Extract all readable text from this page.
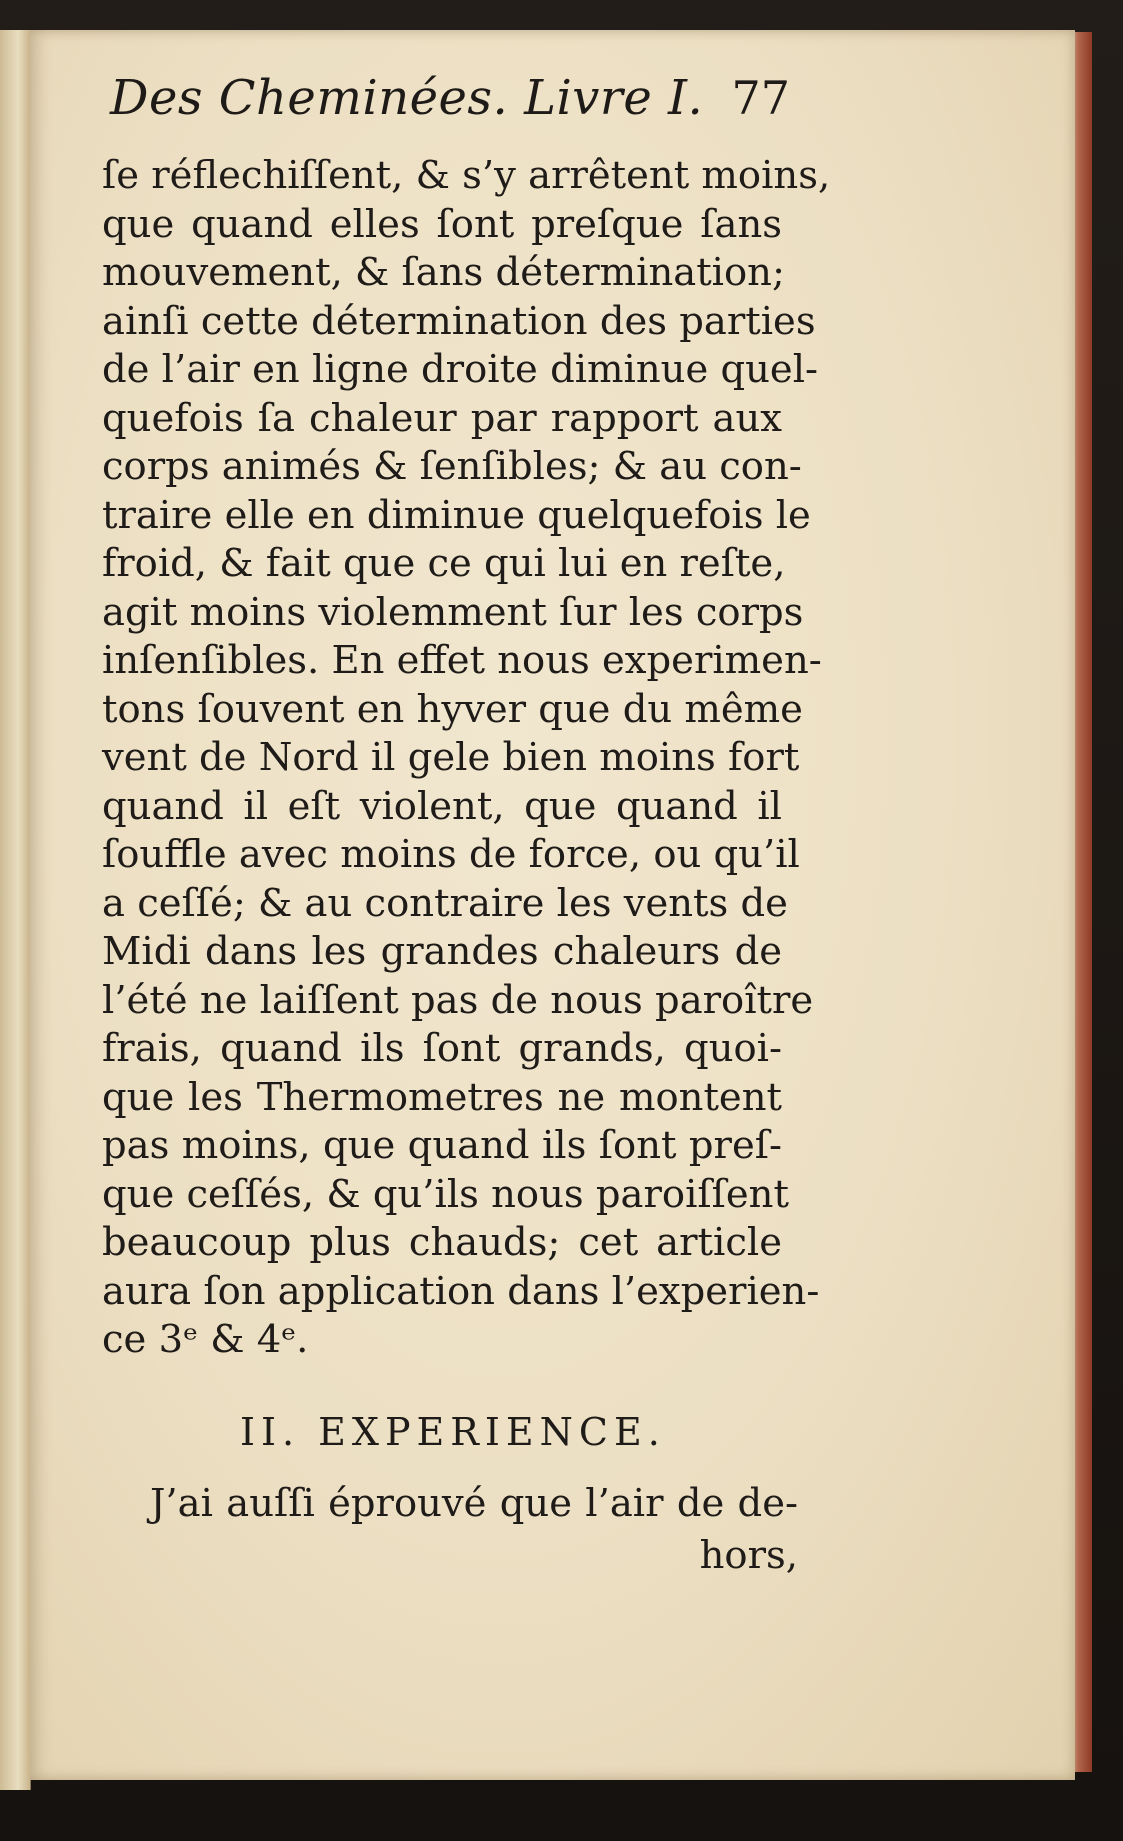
Des Cheminées. Livre I. 77
ſe réflechiſſent, & s’y arrêtent moins,
que quand elles ſont preſque ſans
mouvement, & ſans détermination;
ainſi cette détermination des parties
de l’air en ligne droite diminue quel-
quefois ſa chaleur par rapport aux
corps animés & ſenſibles; & au con-
traire elle en diminue quelquefois le
froid, & fait que ce qui lui en reſte,
agit moins violemment ſur les corps
inſenſibles. En effet nous experimen-
tons ſouvent en hyver que du même
vent de Nord il gele bien moins fort
quand il eſt violent, que quand il
ſouffle avec moins de force, ou qu’il
a ceſſé; & au contraire les vents de
Midi dans les grandes chaleurs de
l’été ne laiſſent pas de nous paroître
frais, quand ils ſont grands, quoi-
que les Thermometres ne montent
pas moins, que quand ils ſont preſ-
que ceſſés, & qu’ils nous paroiſſent
beaucoup plus chauds; cet article
aura ſon application dans l’experien-
ce 3ᵉ & 4ᵉ.
II. EXPERIENCE.
J’ai auſſi éprouvé que l’air de de-
hors,
